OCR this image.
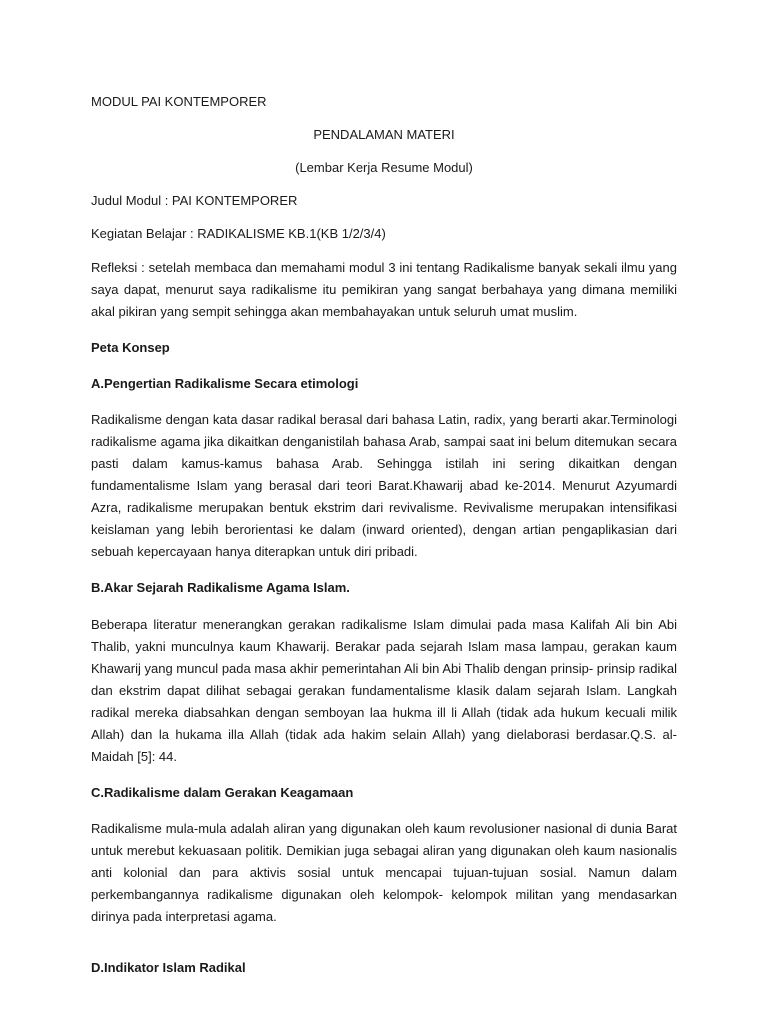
MODUL PAI KONTEMPORER

PENDALAMAN MATERI

(Lembar Kerja Resume Modul)

Judul Modul : PAI KONTEMPORER

Kegiatan Belajar : RADIKALISME KB.1(KB 1/2/3/4)

Refleksi : setelah membaca dan memahami modul 3 ini tentang Radikalisme banyak sekali ilmu yang saya dapat, menurut saya radikalisme itu pemikiran yang sangat berbahaya yang dimana memiliki akal pikiran yang sempit sehingga akan membahayakan untuk seluruh umat muslim.

Peta Konsep

A.Pengertian Radikalisme Secara etimologi

Radikalisme dengan kata dasar radikal berasal dari bahasa Latin, radix, yang berarti akar.Terminologi radikalisme agama jika dikaitkan denganistilah bahasa Arab, sampai saat ini belum ditemukan secara pasti dalam kamus-kamus bahasa Arab. Sehingga istilah ini sering dikaitkan dengan fundamentalisme Islam yang berasal dari teori Barat.Khawarij abad ke-2014. Menurut Azyumardi Azra, radikalisme merupakan bentuk ekstrim dari revivalisme. Revivalisme merupakan intensifikasi keislaman yang lebih berorientasi ke dalam (inward oriented), dengan artian pengaplikasian dari sebuah kepercayaan hanya diterapkan untuk diri pribadi.

B.Akar Sejarah Radikalisme Agama Islam.

Beberapa literatur menerangkan gerakan radikalisme Islam dimulai pada masa Kalifah Ali bin Abi Thalib, yakni munculnya kaum Khawarij. Berakar pada sejarah Islam masa lampau, gerakan kaum Khawarij yang muncul pada masa akhir pemerintahan Ali bin Abi Thalib dengan prinsip- prinsip radikal dan ekstrim dapat dilihat sebagai gerakan fundamentalisme klasik dalam sejarah Islam. Langkah radikal mereka diabsahkan dengan semboyan laa hukma ill li Allah (tidak ada hukum kecuali milik Allah) dan la hukama illa Allah (tidak ada hakim selain Allah) yang dielaborasi berdasar.Q.S. al-Maidah [5]: 44.

C.Radikalisme dalam Gerakan Keagamaan

Radikalisme mula-mula adalah aliran yang digunakan oleh kaum revolusioner nasional di dunia Barat untuk merebut kekuasaan politik. Demikian juga sebagai aliran yang digunakan oleh kaum nasionalis anti kolonial dan para aktivis sosial untuk mencapai tujuan-tujuan sosial. Namun dalam perkembangannya radikalisme digunakan oleh kelompok- kelompok militan yang mendasarkan dirinya pada interpretasi agama.

D.Indikator Islam Radikal
